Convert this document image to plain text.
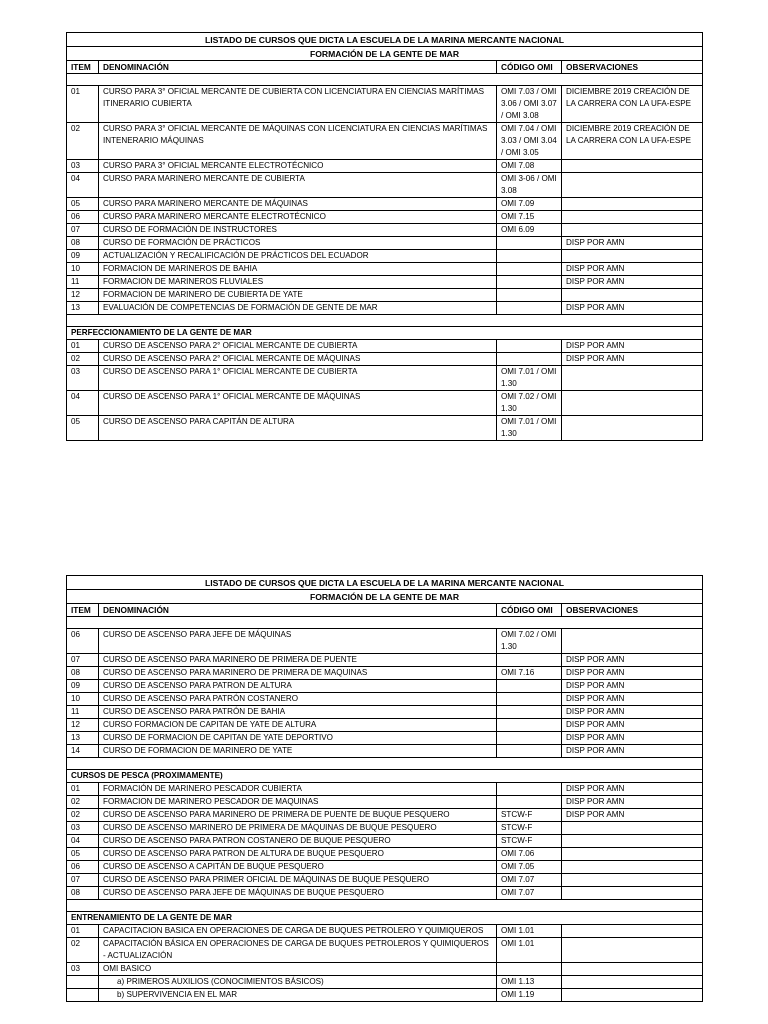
LISTADO DE CURSOS QUE DICTA LA ESCUELA DE LA MARINA MERCANTE NACIONAL			
FORMACIÓN DE LA GENTE DE MAR			
ITEM	DENOMINACIÓN	CÓDIGO OMI	OBSERVACIONES

01	CURSO PARA 3° OFICIAL MERCANTE DE CUBIERTA CON LICENCIATURA EN CIENCIAS MARÍTIMAS ITINERARIO CUBIERTA	OMI 7.03 / OMI 3.06 / OMI 3.07 / OMI 3.08	DICIEMBRE 2019 CREACIÓN DE LA CARRERA CON LA UFA-ESPE
02	CURSO PARA 3° OFICIAL MERCANTE DE MÁQUINAS CON LICENCIATURA EN CIENCIAS MARÍTIMAS INTENERARIO MÁQUINAS	OMI 7.04 / OMI 3.03 / OMI 3.04 / OMI 3.05	DICIEMBRE 2019 CREACIÓN DE LA CARRERA CON LA UFA-ESPE
03	CURSO PARA 3° OFICIAL MERCANTE ELECTROTÉCNICO	OMI 7.08	
04	CURSO PARA MARINERO MERCANTE DE CUBIERTA	OMI 3-06 / OMI 3.08	
05	CURSO PARA MARINERO MERCANTE DE MÁQUINAS	OMI 7.09	
06	CURSO PARA MARINERO MERCANTE ELECTROTÉCNICO	OMI 7.15	
07	CURSO DE FORMACIÓN DE INSTRUCTORES	OMI 6.09	
08	CURSO DE FORMACIÓN DE PRÁCTICOS		DISP POR AMN
09	ACTUALIZACIÓN Y RECALIFICACIÓN DE PRÁCTICOS DEL ECUADOR		
10	FORMACION DE MARINEROS DE BAHIA		DISP POR AMN
11	FORMACION DE MARINEROS FLUVIALES		DISP POR AMN
12	FORMACION DE MARINERO DE CUBIERTA DE YATE		
13	EVALUACIÓN DE COMPETENCIAS DE FORMACIÓN DE GENTE DE MAR		DISP POR AMN

PERFECCIONAMIENTO DE LA GENTE DE MAR			
01	CURSO DE ASCENSO PARA 2° OFICIAL MERCANTE DE CUBIERTA		DISP POR AMN
02	CURSO DE ASCENSO PARA 2° OFICIAL MERCANTE DE MÁQUINAS		DISP POR AMN
03	CURSO DE ASCENSO PARA 1° OFICIAL MERCANTE DE CUBIERTA	OMI 7.01 / OMI 1.30	
04	CURSO DE ASCENSO PARA 1° OFICIAL MERCANTE DE MÁQUINAS	OMI 7.02 / OMI 1.30	
05	CURSO DE ASCENSO PARA CAPITÁN DE ALTURA	OMI 7.01 / OMI 1.30	
LISTADO DE CURSOS QUE DICTA LA ESCUELA DE LA MARINA MERCANTE NACIONAL			
FORMACIÓN DE LA GENTE DE MAR			
ITEM	DENOMINACIÓN	CÓDIGO OMI	OBSERVACIONES

06	CURSO DE ASCENSO PARA JEFE DE MÁQUINAS	OMI 7.02 / OMI 1.30	
07	CURSO DE ASCENSO PARA MARINERO DE PRIMERA DE PUENTE		DISP POR AMN
08	CURSO DE ASCENSO PARA MARINERO DE PRIMERA DE MAQUINAS	OMI 7.16	DISP POR AMN
09	CURSO DE ASCENSO PARA PATRON DE ALTURA		DISP POR AMN
10	CURSO DE ASCENSO PARA PATRÓN COSTANERO		DISP POR AMN
11	CURSO DE ASCENSO PARA PATRÓN DE BAHIA		DISP POR AMN
12	CURSO FORMACION DE CAPITAN DE YATE DE ALTURA		DISP POR AMN
13	CURSO DE FORMACION DE CAPITAN DE YATE DEPORTIVO		DISP POR AMN
14	CURSO DE FORMACION DE MARINERO DE YATE		DISP POR AMN

CURSOS DE PESCA (PROXIMAMENTE)			
01	FORMACIÓN DE MARINERO PESCADOR CUBIERTA		DISP POR AMN
02	FORMACION DE MARINERO PESCADOR DE MAQUINAS		DISP POR AMN
02	CURSO DE ASCENSO PARA MARINERO DE PRIMERA DE PUENTE DE BUQUE PESQUERO	STCW-F	DISP POR AMN
03	CURSO DE ASCENSO MARINERO DE PRIMERA DE MÁQUINAS DE BUQUE PESQUERO	STCW-F	
04	CURSO DE ASCENSO PARA PATRON COSTANERO DE BUQUE PESQUERO	STCW-F	
05	CURSO DE ASCENSO PARA PATRON DE ALTURA DE BUQUE PESQUERO	OMI 7.06	
06	CURSO DE ASCENSO A CAPITÁN DE BUQUE PESQUERO	OMI 7.05	
07	CURSO DE ASCENSO PARA PRIMER OFICIAL DE MÁQUINAS DE BUQUE PESQUERO	OMI 7.07	
08	CURSO DE ASCENSO PARA JEFE DE MÁQUINAS DE BUQUE PESQUERO	OMI 7.07	

ENTRENAMIENTO DE LA GENTE DE MAR			
01	CAPACITACION BASICA EN OPERACIONES DE CARGA DE BUQUES PETROLERO Y QUIMIQUEROS	OMI 1.01	
02	CAPACITACIÓN BÁSICA EN OPERACIONES DE CARGA DE BUQUES PETROLEROS Y QUIMIQUEROS - ACTUALIZACIÓN	OMI 1.01	
03	OMI BASICO		
	a) PRIMEROS AUXILIOS (CONOCIMIENTOS BÁSICOS)	OMI 1.13	
	b) SUPERVIVENCIA EN EL MAR	OMI 1.19	
